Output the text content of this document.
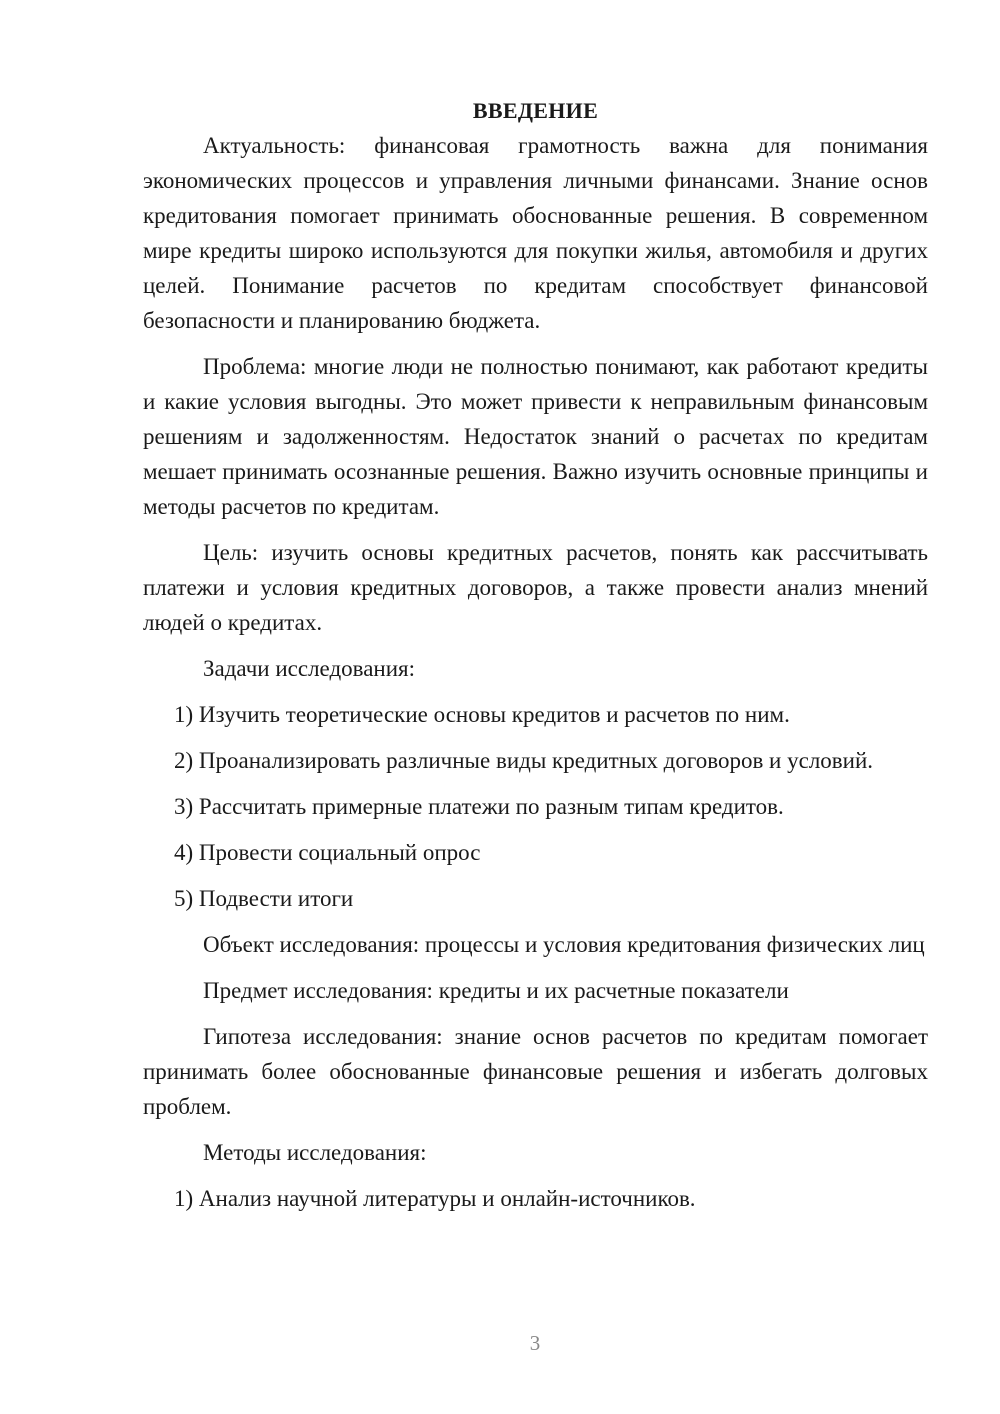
ВВЕДЕНИЕ

Актуальность: финансовая грамотность важна для понимания экономических процессов и управления личными финансами. Знание основ кредитования помогает принимать обоснованные решения. В современном мире кредиты широко используются для покупки жилья, автомобиля и других целей. Понимание расчетов по кредитам способствует финансовой безопасности и планированию бюджета.

Проблема: многие люди не полностью понимают, как работают кредиты и какие условия выгодны. Это может привести к неправильным финансовым решениям и задолженностям. Недостаток знаний о расчетах по кредитам мешает принимать осознанные решения. Важно изучить основные принципы и методы расчетов по кредитам.

Цель: изучить основы кредитных расчетов, понять как рассчитывать платежи и условия кредитных договоров, а также провести анализ мнений людей о кредитах.

Задачи исследования:

1) Изучить теоретические основы кредитов и расчетов по ним.

2) Проанализировать различные виды кредитных договоров и условий.

3) Рассчитать примерные платежи по разным типам кредитов.

4) Провести социальный опрос

5) Подвести итоги

Объект исследования: процессы и условия кредитования физических лиц

Предмет исследования: кредиты и их расчетные показатели

Гипотеза исследования: знание основ расчетов по кредитам помогает принимать более обоснованные финансовые решения и избегать долговых проблем.

Методы исследования:

1) Анализ научной литературы и онлайн-источников.

3
